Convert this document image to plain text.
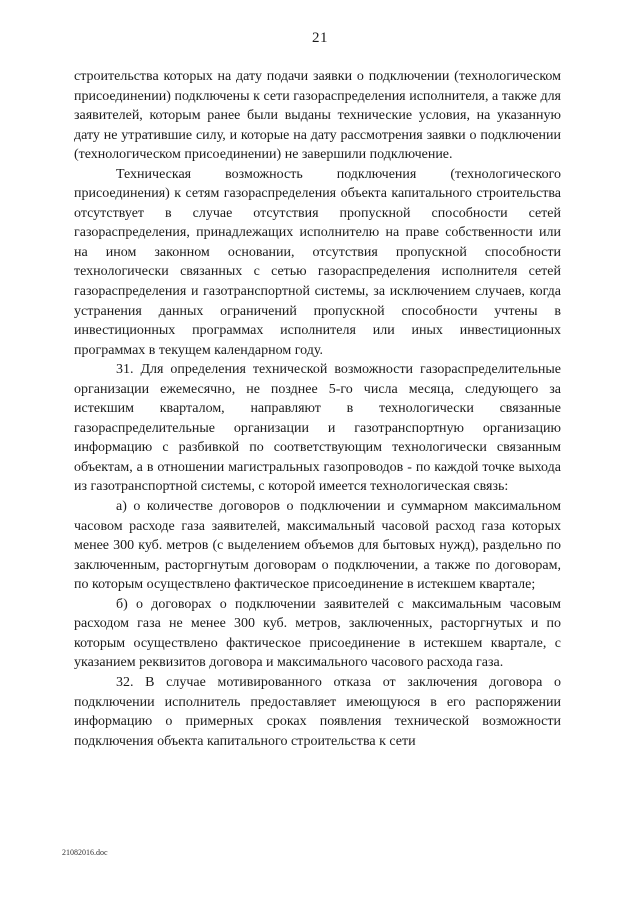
21

строительства которых на дату подачи заявки о подключении (технологическом присоединении) подключены к сети газораспределения исполнителя, а также для заявителей, которым ранее были выданы технические условия, на указанную дату не утратившие силу, и которые на дату рассмотрения заявки о подключении (технологическом присоединении) не завершили подключение.

Техническая возможность подключения (технологического присоединения) к сетям газораспределения объекта капитального строительства отсутствует в случае отсутствия пропускной способности сетей газораспределения, принадлежащих исполнителю на праве собственности или на ином законном основании, отсутствия пропускной способности технологически связанных с сетью газораспределения исполнителя сетей газораспределения и газотранспортной системы, за исключением случаев, когда устранения данных ограничений пропускной способности учтены в инвестиционных программах исполнителя или иных инвестиционных программах в текущем календарном году.

31. Для определения технической возможности газораспределительные организации ежемесячно, не позднее 5-го числа месяца, следующего за истекшим кварталом, направляют в технологически связанные газораспределительные организации и газотранспортную организацию информацию с разбивкой по соответствующим технологически связанным объектам, а в отношении магистральных газопроводов - по каждой точке выхода из газотранспортной системы, с которой имеется технологическая связь:

а) о количестве договоров о подключении и суммарном максимальном часовом расходе газа заявителей, максимальный часовой расход газа которых менее 300 куб. метров (с выделением объемов для бытовых нужд), раздельно по заключенным, расторгнутым договорам о подключении, а также по договорам, по которым осуществлено фактическое присоединение в истекшем квартале;

б) о договорах о подключении заявителей с максимальным часовым расходом газа не менее 300 куб. метров, заключенных, расторгнутых и по которым осуществлено фактическое присоединение в истекшем квартале, с указанием реквизитов договора и максимального часового расхода газа.

32. В случае мотивированного отказа от заключения договора о подключении исполнитель предоставляет имеющуюся в его распоряжении информацию о примерных сроках появления технической возможности подключения объекта капитального строительства к сети

21082016.doc
